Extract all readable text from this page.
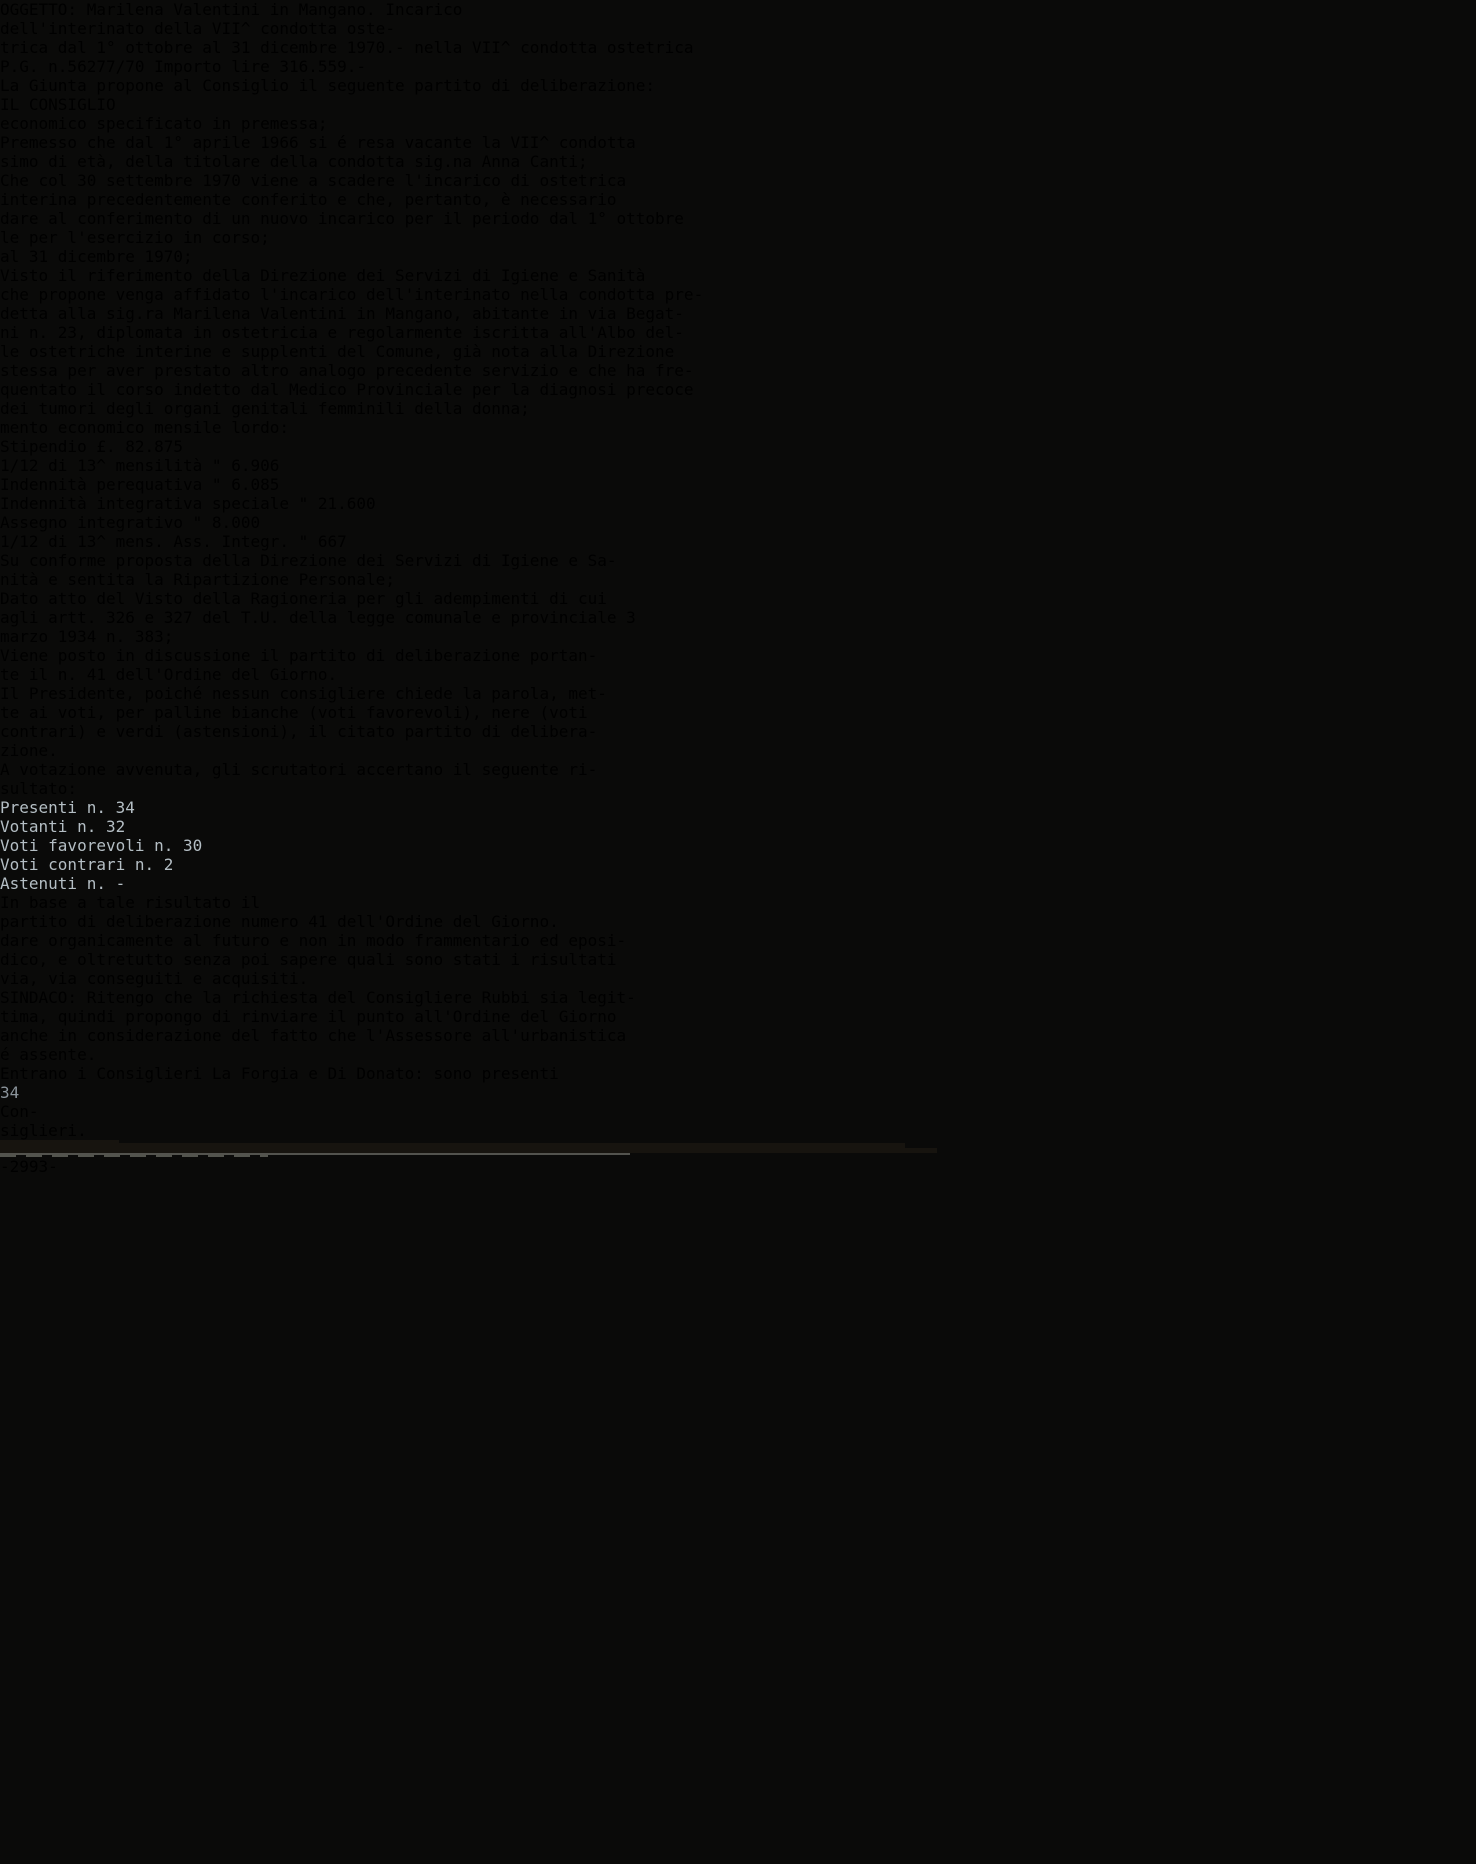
OGGETTO: Marilena Valentini in Mangano. Incarico
dell'interinato della VII^ condotta oste-
trica dal 1° ottobre al 31 dicembre 1970.- nella VII^ condotta ostetrica
P.G. n.56277/70 Importo lire 316.559.-
La Giunta propone al Consiglio il seguente partito di deliberazione:
IL CONSIGLIO
economico specificato in premessa;
Premesso che dal 1° aprile 1966 si é resa vacante la VII^ condotta
simo di età, della titolare della condotta sig.na Anna Canti;
Che col 30 settembre 1970 viene a scadere l'incarico di ostetrica
interina precedentemente conferito e che, pertanto, è necessario
dare al conferimento di un nuovo incarico per il periodo dal 1° ottobre
le per l'esercizio in corso;
al 31 dicembre 1970;
Visto il riferimento della Direzione dei Servizi di Igiene e Sanità
che propone venga affidato l'incarico dell'interinato nella condotta pre-
detta alla sig.ra Marilena Valentini in Mangano, abitante in via Begat-
ni n. 23, diplomata in ostetricia e regolarmente iscritta all'Albo del-
le ostetriche interine e supplenti del Comune, già nota alla Direzione
stessa per aver prestato altro analogo precedente servizio e che ha fre-
quentato il corso indetto dal Medico Provinciale per la diagnosi precoce
dei tumori degli organi genitali femminili della donna;
mento economico mensile lordo:
Stipendio £. 82.875
1/12 di 13^ mensilità " 6.906
Indennità perequativa " 6.085
Indennità integrativa speciale " 21.600
Assegno integrativo " 8.000
1/12 di 13^ mens. Ass. Integr. " 667
Su conforme proposta della Direzione dei Servizi di Igiene e Sa-
nità e sentita la Ripartizione Personale;
Dato atto del Visto della Ragioneria per gli adempimenti di cui
agli artt. 326 e 327 del T.U. della legge comunale e provinciale 3
marzo 1934 n. 383;
Viene posto in discussione il partito di deliberazione portan-
te il n. 41 dell'Ordine del Giorno.
Il Presidente, poiché nessun consigliere chiede la parola, met-
te ai voti, per palline bianche (voti favorevoli), nere (voti
contrari) e verdi (astensioni), il citato partito di delibera-
zione.
A votazione avvenuta, gli scrutatori accertano il seguente ri-
sultato:
Presenti n. 34
Votanti n. 32
Voti favorevoli n. 30
Voti contrari n. 2
Astenuti n. -
In base a tale risultato il
partito di deliberazione numero 41 dell'Ordine del Giorno.
dare organicamente al futuro e non in modo frammentario ed eposi-
dico, e oltretutto senza poi sapere quali sono stati i risultati
via, via conseguiti e acquisiti.
SINDACO: Ritengo che la richiesta del Consigliere Rubbi sia legit-
tima, quindi propongo di rinviare il punto all'Ordine del Giorno
anche in considerazione del fatto che l'Assessore all'urbanistica
é assente.
Entrano i Consiglieri La Forgia e Di Donato: sono presenti
34
Con-
siglieri.
-2993-
